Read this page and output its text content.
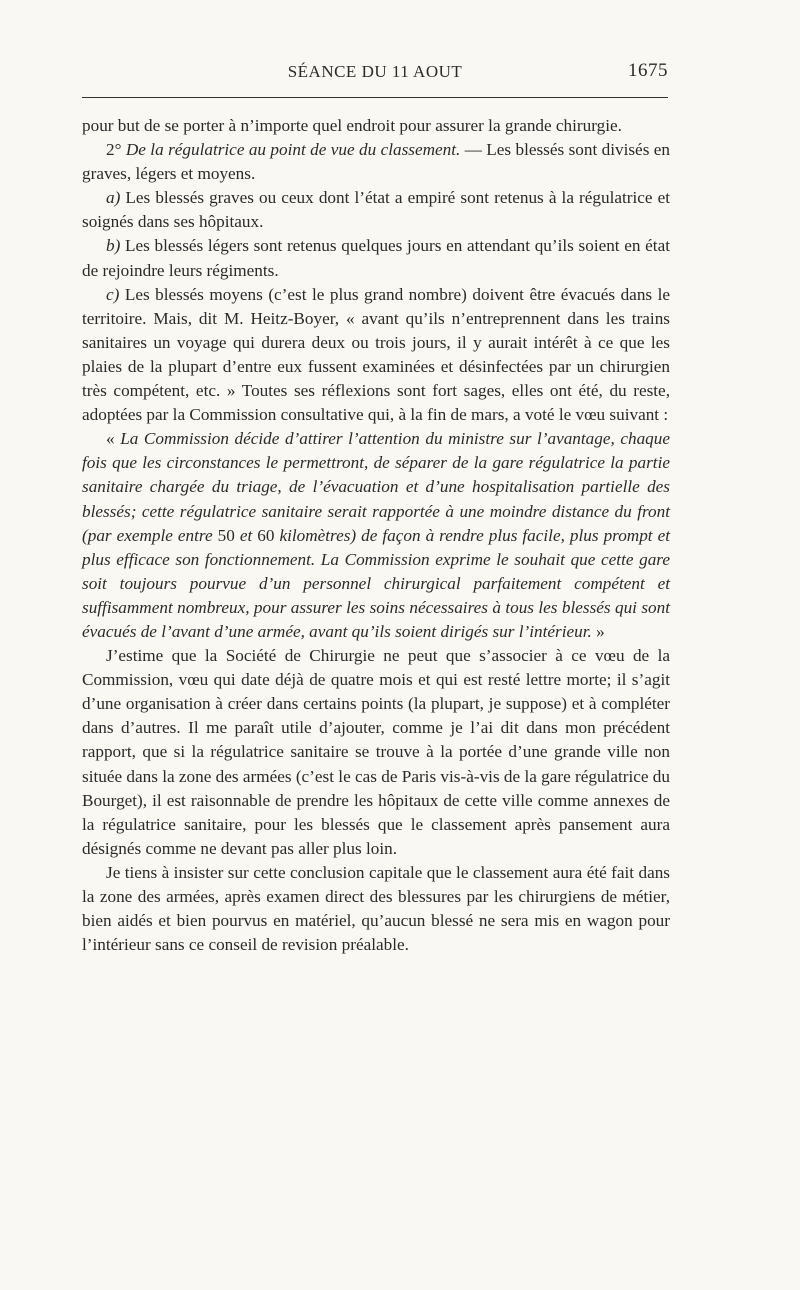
SÉANCE DU 11 AOUT	1675

pour but de se porter à n’importe quel endroit pour assurer la grande chirurgie.

2° De la régulatrice au point de vue du classement. — Les blessés sont divisés en graves, légers et moyens.

a) Les blessés graves ou ceux dont l’état a empiré sont retenus à la régulatrice et soignés dans ses hôpitaux.

b) Les blessés légers sont retenus quelques jours en attendant qu’ils soient en état de rejoindre leurs régiments.

c) Les blessés moyens (c’est le plus grand nombre) doivent être évacués dans le territoire. Mais, dit M. Heitz-Boyer, « avant qu’ils n’entreprennent dans les trains sanitaires un voyage qui durera deux ou trois jours, il y aurait intérêt à ce que les plaies de la plupart d’entre eux fussent examinées et désinfectées par un chirurgien très compétent, etc. » Toutes ses réflexions sont fort sages, elles ont été, du reste, adoptées par la Commission consultative qui, à la fin de mars, a voté le vœu suivant :

« La Commission décide d’attirer l’attention du ministre sur l’avantage, chaque fois que les circonstances le permettront, de séparer de la gare régulatrice la partie sanitaire chargée du triage, de l’évacuation et d’une hospitalisation partielle des blessés; cette régulatrice sanitaire serait rapportée à une moindre distance du front (par exemple entre 50 et 60 kilomètres) de façon à rendre plus facile, plus prompt et plus efficace son fonctionnement. La Commission exprime le souhait que cette gare soit toujours pourvue d’un personnel chirurgical parfaitement compétent et suffisamment nombreux, pour assurer les soins nécessaires à tous les blessés qui sont évacués de l’avant d’une armée, avant qu’ils soient dirigés sur l’intérieur. »

J’estime que la Société de Chirurgie ne peut que s’associer à ce vœu de la Commission, vœu qui date déjà de quatre mois et qui est resté lettre morte; il s’agit d’une organisation à créer dans certains points (la plupart, je suppose) et à compléter dans d’autres. Il me paraît utile d’ajouter, comme je l’ai dit dans mon précédent rapport, que si la régulatrice sanitaire se trouve à la portée d’une grande ville non située dans la zone des armées (c’est le cas de Paris vis-à-vis de la gare régulatrice du Bourget), il est raisonnable de prendre les hôpitaux de cette ville comme annexes de la régulatrice sanitaire, pour les blessés que le classement après pansement aura désignés comme ne devant pas aller plus loin.

Je tiens à insister sur cette conclusion capitale que le classement aura été fait dans la zone des armées, après examen direct des blessures par les chirurgiens de métier, bien aidés et bien pourvus en matériel, qu’aucun blessé ne sera mis en wagon pour l’intérieur sans ce conseil de revision préalable.
